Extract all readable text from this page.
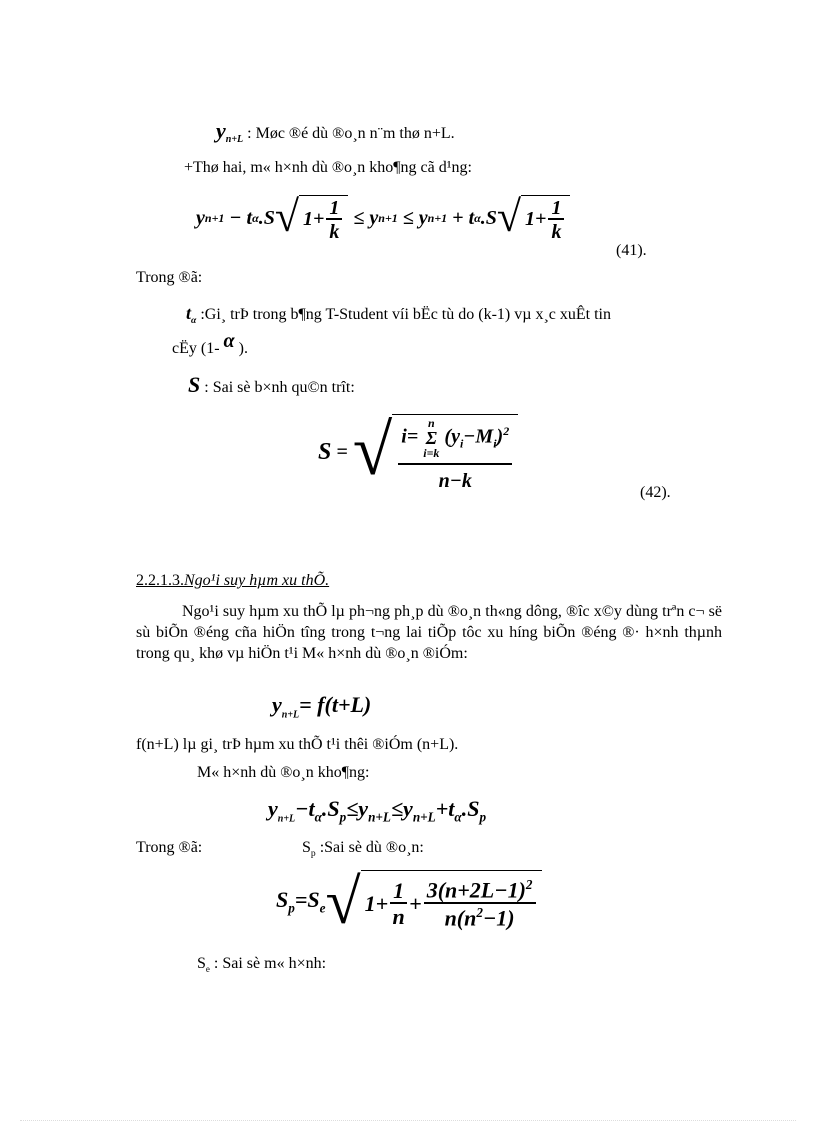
$y_{n+L}$ : Møc ®é dù ®o¸n n¨m thø n+L.
+Thø hai, m« h×nh dù ®o¸n kho¶ng cã d¹ng:
y n+1 − t α .S √ $1+ \frac{1}{k} \le y$ n+1 ≤ y n+1 + t α .S √ $1+ \frac{1}{k}$
(41).
Trong ®ã:
$t_\alpha$ :Gi¸ trÞ trong b¶ng T-Student víi bËc tù do (k-1) vµ x¸c xuÊt tin
cËy (1- α ).
S : Sai sè b×nh qu©n trît:
S = √ i=
n
Σ
i=k
$(y_i-M_i)^2$
n−k
(42).
2.2.1.3.Ngo¹i suy hµm xu thÕ.
Ngo¹i suy hµm xu thÕ lµ ph¬ng ph¸p dù ®o¸n th«ng dông, ®îc x©y dùng trªn c¬ së sù biÕn ®éng cña hiÖn tîng trong t¬ng lai tiÕp tôc xu híng biÕn ®éng ®· h×nh thµnh trong qu¸ khø vµ hiÖn t¹i M« h×nh dù ®o¸n ®iÓm:
$y_{n+L}= f(t+L)$
f(n+L) lµ gi¸ trÞ hµm xu thÕ t¹i thêi ®iÓm (n+L).
M« h×nh dù ®o¸n kho¶ng:
$y_{n+L}-t_\alpha.S_p\le y_{n+L}\le y_{n+L}+t_\alpha.S_p$
Trong ®ã:	$S_p$ :Sai sè dù ®o¸n:
$S_p=S_e$ √ $1+ \frac{1}{n} + \frac{3(n+2L-1)^2}{n(n^2-1)}$
$S_e$ : Sai sè m« h×nh:
